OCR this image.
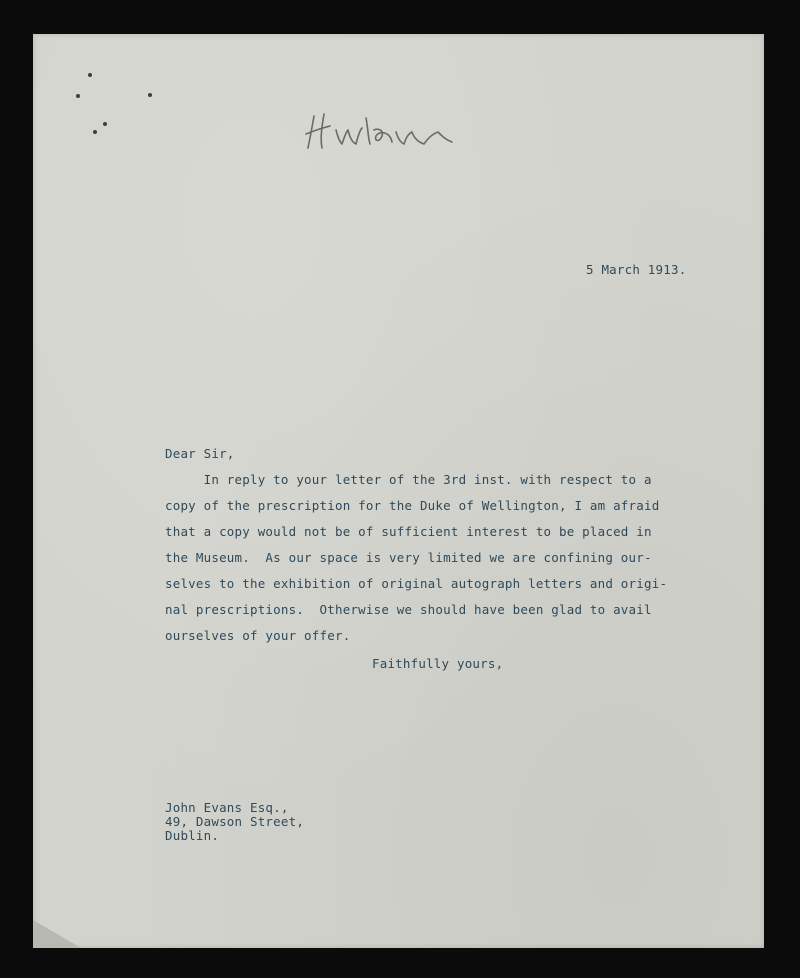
5 March 1913.

Dear Sir,

In reply to your letter of the 3rd inst. with respect to a

copy of the prescription for the Duke of Wellington, I am afraid

that a copy would not be of sufficient interest to be placed in

the Museum.  As our space is very limited we are confining our-

selves to the exhibition of original autograph letters and origi-

nal prescriptions.  Otherwise we should have been glad to avail

ourselves of your offer.

Faithfully yours,

John Evans Esq.,

49, Dawson Street,

Dublin.
